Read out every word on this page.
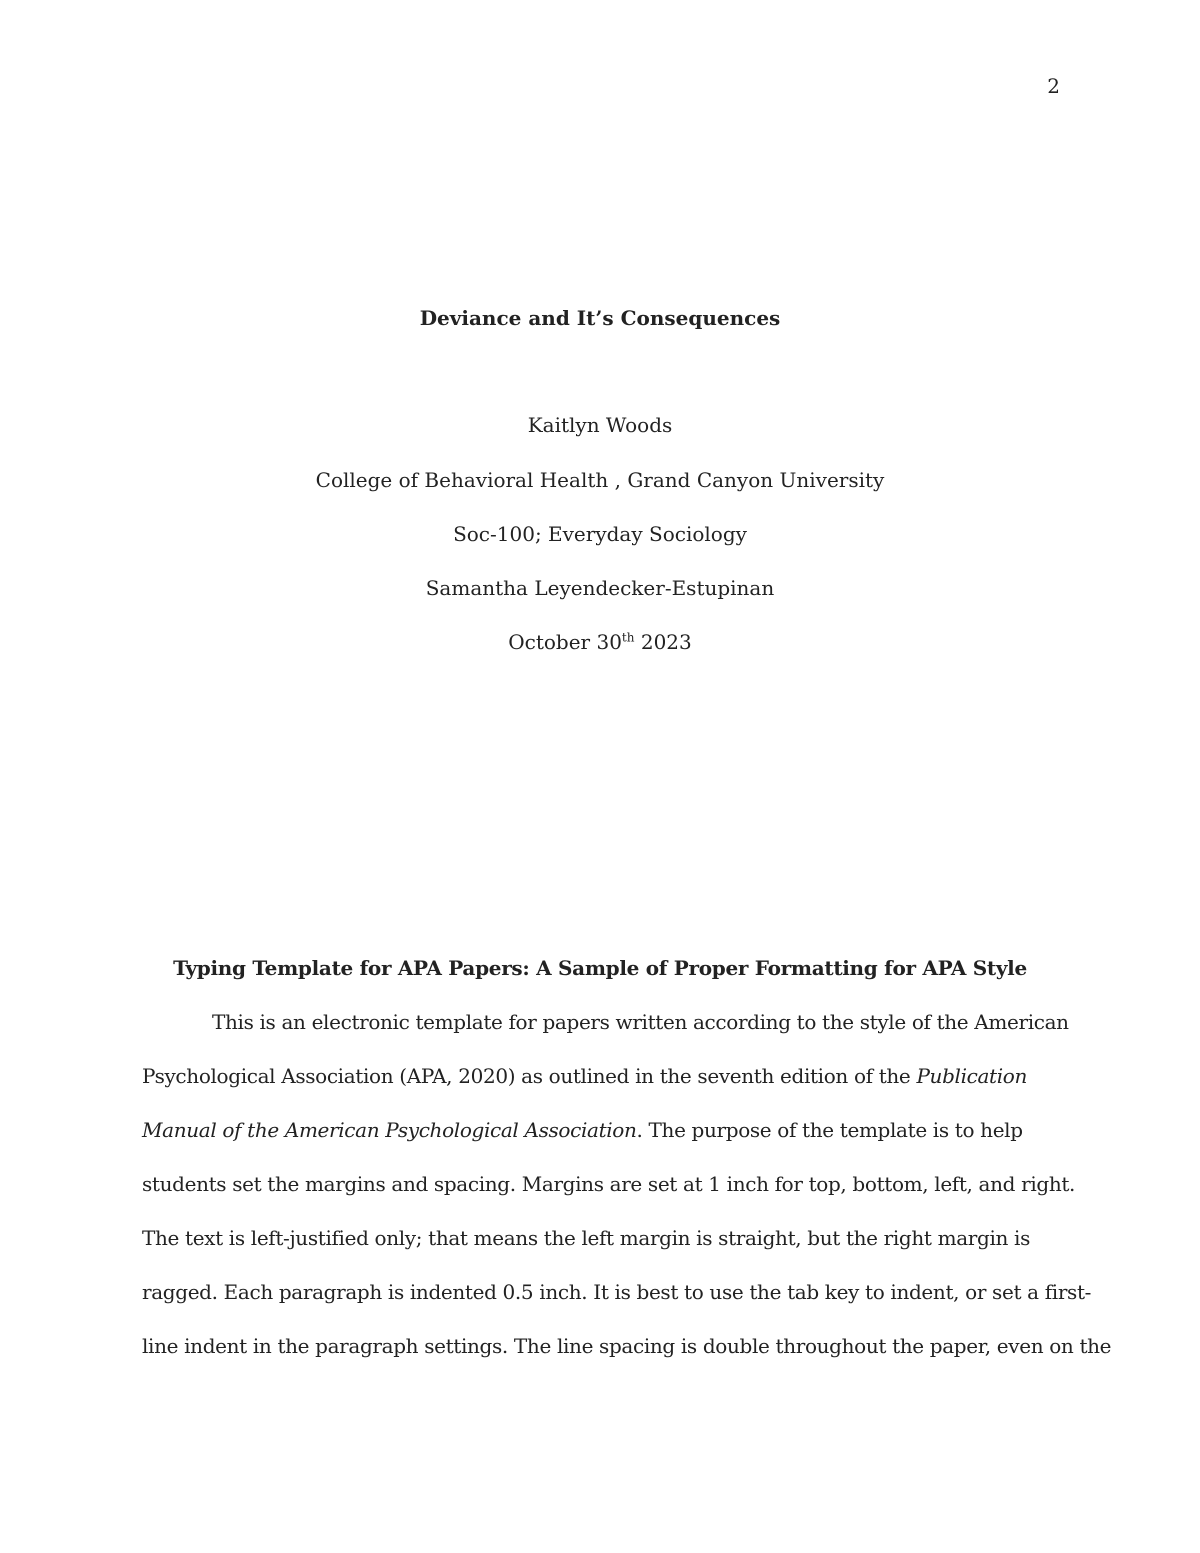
2
Deviance and It’s Consequences
Kaitlyn Woods
College of Behavioral Health , Grand Canyon University
Soc-100; Everyday Sociology
Samantha Leyendecker-Estupinan
October 30th 2023
Typing Template for APA Papers: A Sample of Proper Formatting for APA Style
This is an electronic template for papers written according to the style of the American
Psychological Association (APA, 2020) as outlined in the seventh edition of the Publication
Manual of the American Psychological Association. The purpose of the template is to help
students set the margins and spacing. Margins are set at 1 inch for top, bottom, left, and right.
The text is left-justified only; that means the left margin is straight, but the right margin is
ragged. Each paragraph is indented 0.5 inch. It is best to use the tab key to indent, or set a first-
line indent in the paragraph settings. The line spacing is double throughout the paper, even on the
